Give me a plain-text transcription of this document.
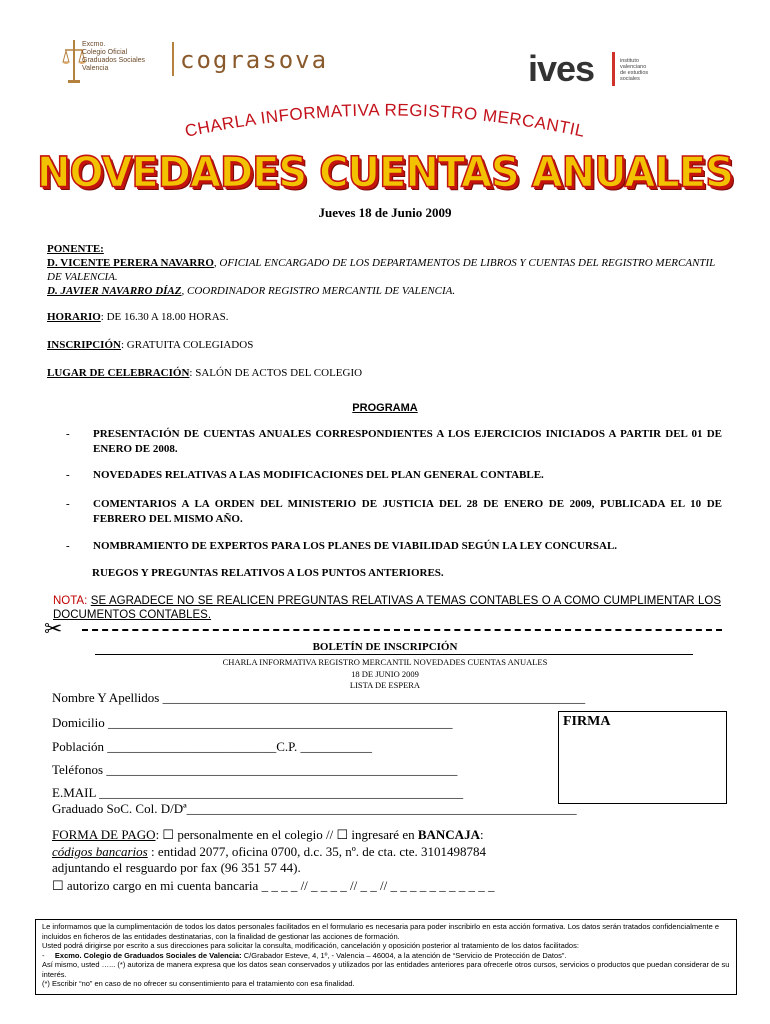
Excmo.
Colegio Oficial
Graduados Sociales
Valencia	cograsova	ives	instituto
valenciano
de estudios
sociales
CHARLA INFORMATIVA REGISTRO MERCANTIL
NOVEDADES CUENTAS ANUALES
Jueves 18 de Junio 2009
PONENTE:
D. VICENTE PERERA NAVARRO, OFICIAL ENCARGADO DE LOS DEPARTAMENTOS DE LIBROS Y CUENTAS DEL REGISTRO MERCANTIL DE VALENCIA.
D. JAVIER NAVARRO DÍAZ, COORDINADOR REGISTRO MERCANTIL DE VALENCIA.
HORARIO: DE 16.30 A 18.00 HORAS.
INSCRIPCIÓN: GRATUITA COLEGIADOS
LUGAR DE CELEBRACIÓN: SALÓN DE ACTOS DEL COLEGIO
PROGRAMA
- PRESENTACIÓN DE CUENTAS ANUALES CORRESPONDIENTES A LOS EJERCICIOS INICIADOS A PARTIR DEL 01 DE ENERO DE 2008.
- NOVEDADES RELATIVAS A LAS MODIFICACIONES DEL PLAN GENERAL CONTABLE.
- COMENTARIOS A LA ORDEN DEL MINISTERIO DE JUSTICIA DEL 28 DE ENERO DE 2009, PUBLICADA EL 10 DE FEBRERO DEL MISMO AÑO.
- NOMBRAMIENTO DE EXPERTOS PARA LOS PLANES DE VIABILIDAD SEGÚN LA LEY CONCURSAL.
RUEGOS Y PREGUNTAS RELATIVOS A LOS PUNTOS ANTERIORES.
NOTA: SE AGRADECE NO SE REALICEN PREGUNTAS RELATIVAS A TEMAS CONTABLES O A COMO CUMPLIMENTAR LOS DOCUMENTOS CONTABLES.
✂
BOLETÍN DE INSCRIPCIÓN
CHARLA INFORMATIVA REGISTRO MERCANTIL NOVEDADES CUENTAS ANUALES
18 DE JUNIO 2009
LISTA DE ESPERA
Nombre Y Apellidos _________________________________________________________________
Domicilio _____________________________________________________
Población __________________________C.P. ___________
Teléfonos ______________________________________________________
E.MAIL ________________________________________________________
Graduado SoC. Col. D/Dª____________________________________________________________
FIRMA
FORMA DE PAGO: ☐ personalmente en el colegio // ☐ ingresaré en BANCAJA:
códigos bancarios : entidad 2077, oficina 0700, d.c. 35, nº. de cta. cte. 3101498784
adjuntando el resguardo por fax (96 351 57 44).
☐ autorizo cargo en mi cuenta bancaria _ _ _ _ // _ _ _ _ // _ _ // _ _ _ _ _ _ _ _ _ _ _

Le informamos que la cumplimentación de todos los datos personales facilitados en el formulario es necesaria para poder inscribirlo en esta acción formativa. Los datos serán tratados confidencialmente e incluidos en ficheros de las entidades destinatarias, con la finalidad de gestionar las acciones de formación.

Usted podrá dirigirse por escrito a sus direcciones para solicitar la consulta, modificación, cancelación y oposición posterior al tratamiento de los datos facilitados:

- Excmo. Colegio de Graduados Sociales de Valencia: C/Grabador Esteve, 4, 1º, - Valencia – 46004, a la atención de “Servicio de Protección de Datos”.

Así mismo, usted …... (*) autoriza de manera expresa que los datos sean conservados y utilizados por las entidades anteriores para ofrecerle otros cursos, servicios o productos que puedan considerar de su interés.

(*) Escribir “no” en caso de no ofrecer su consentimiento para el tratamiento con esa finalidad.
